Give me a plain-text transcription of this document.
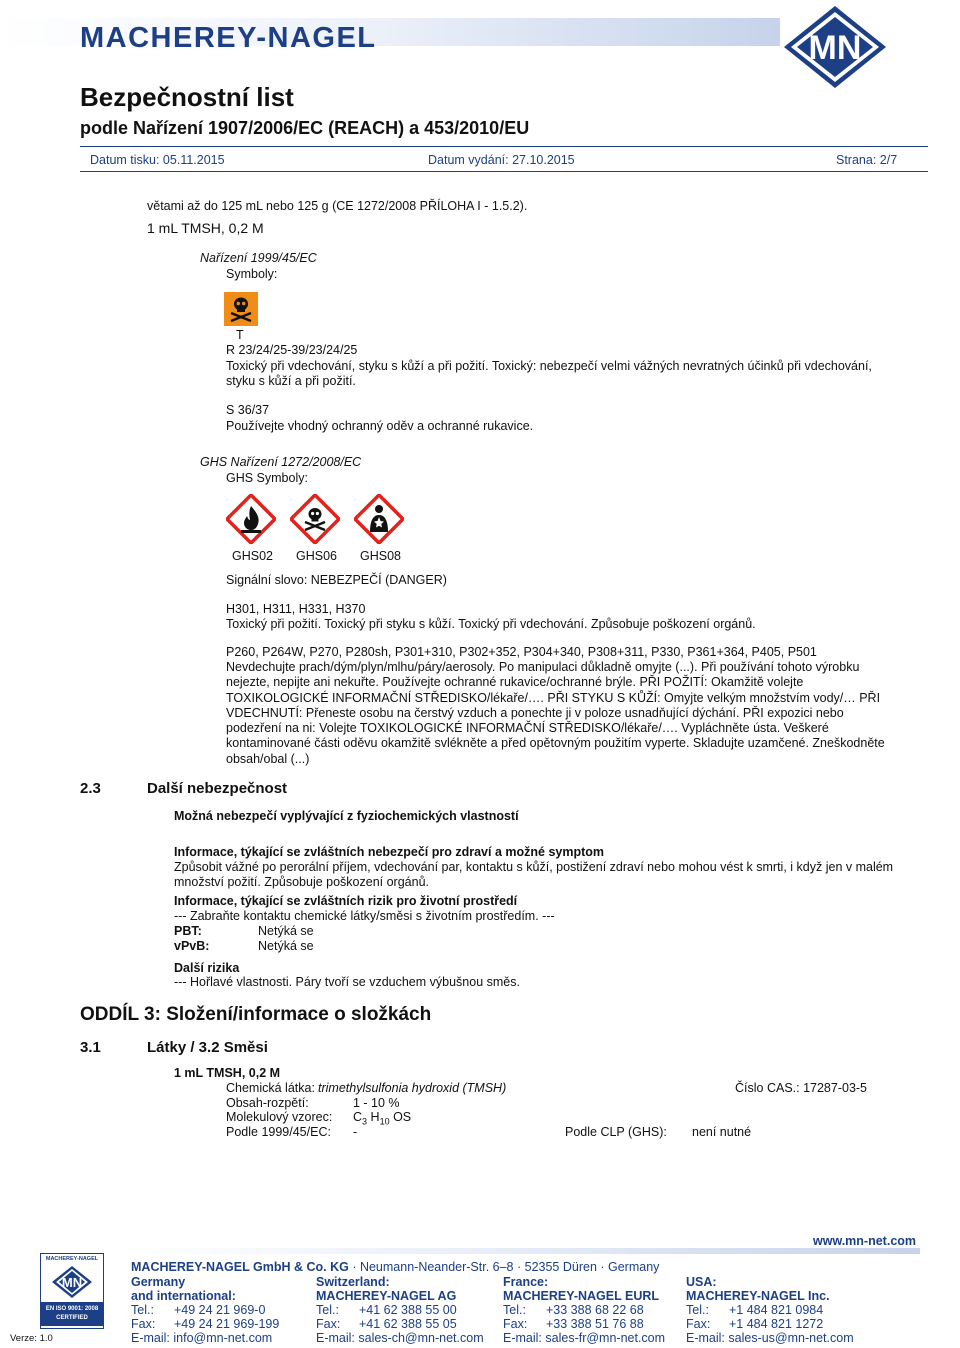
MACHEREY-NAGEL	MN
Bezpečnostní list
podle Nařízení 1907/2006/EC (REACH) a 453/2010/EU
Datum tisku: 05.11.2015	Datum vydání: 27.10.2015	Strana: 2/7
větami až do 125 mL nebo 125 g (CE 1272/2008 PŘÍLOHA I - 1.5.2).
1 mL TMSH, 0,2 M
Nařízení 1999/45/EC
Symboly:
T
R 23/24/25-39/23/24/25
Toxický při vdechování, styku s kůží a při požití. Toxický: nebezpečí velmi vážných nevratných účinků při vdechování,
styku s kůží a při požití.
S 36/37
Používejte vhodný ochranný oděv a ochranné rukavice.
GHS Nařízení 1272/2008/EC
GHS Symboly:
GHS02 GHS06 GHS08
Signální slovo: NEBEZPEČÍ (DANGER)
H301, H311, H331, H370
Toxický při požití. Toxický při styku s kůží. Toxický při vdechování. Způsobuje poškození orgánů.
P260, P264W, P270, P280sh, P301+310, P302+352, P304+340, P308+311, P330, P361+364, P405, P501
Nevdechujte prach/dým/plyn/mlhu/páry/aerosoly. Po manipulaci důkladně omyjte (...). Při používání tohoto výrobku
nejezte, nepijte ani nekuřte. Používejte ochranné rukavice/ochranné brýle. PŘI POŽITÍ: Okamžitě volejte
TOXIKOLOGICKÉ INFORMAČNÍ STŘEDISKO/lékaře/…. PŘI STYKU S KŮŽÍ: Omyjte velkým množstvím vody/… PŘI
VDECHNUTÍ: Přeneste osobu na čerstvý vzduch a ponechte ji v poloze usnadňující dýchání. PŘI expozici nebo
podezření na ni: Volejte TOXIKOLOGICKÉ INFORMAČNÍ STŘEDISKO/lékaře/…. Vypláchněte ústa. Veškeré
kontaminované části oděvu okamžitě svlékněte a před opětovným použitím vyperte. Skladujte uzamčené. Zneškodněte
obsah/obal (...)
2.3	Další nebezpečnost
Možná nebezpečí vyplývající z fyziochemických vlastností
Informace, týkající se zvláštních nebezpečí pro zdraví a možné symptom
Způsobit vážné po perorální příjem, vdechování par, kontaktu s kůží, postižení zdraví nebo mohou vést k smrti, i když jen v malém
množství požití. Způsobuje poškození orgánů.
Informace, týkající se zvláštních rizik pro životní prostředí
--- Zabraňte kontaktu chemické látky/směsi s životním prostředím. ---
PBT:	Netýká se
vPvB:	Netýká se
Další rizika
--- Hořlavé vlastnosti. Páry tvoří se vzduchem výbušnou směs.
ODDÍL 3: Složení/informace o složkách
3.1	Látky / 3.2 Směsi
1 mL TMSH, 0,2 M
Chemická látka: trimethylsulfonia hydroxid (TMSH)	Číslo CAS.: 17287-03-5
Obsah-rozpětí:	1 - 10 %
Molekulový vzorec: $C_3$ $H_{10}$ OS
Podle 1999/45/EC: -	Podle CLP (GHS): není nutné
MACHEREY-NAGEL
MN
EN ISO 9001: 2008
CERTIFIED
Verze: 1.0
MACHEREY-NAGEL GmbH & Co. KG · Neumann-Neander-Str. 6–8 · 52355 Düren · Germany
www.mn-net.com
Germany
and international:
Tel.: +49 24 21 969-0
Fax: +49 24 21 969-199
E-mail: info@mn-net.com
Switzerland:
MACHEREY-NAGEL AG
Tel.: +41 62 388 55 00
Fax: +41 62 388 55 05
E-mail: sales-ch@mn-net.com
France:
MACHEREY-NAGEL EURL
Tel.: +33 388 68 22 68
Fax: +33 388 51 76 88
E-mail: sales-fr@mn-net.com
USA:
MACHEREY-NAGEL Inc.
Tel.: +1 484 821 0984
Fax: +1 484 821 1272
E-mail: sales-us@mn-net.com
